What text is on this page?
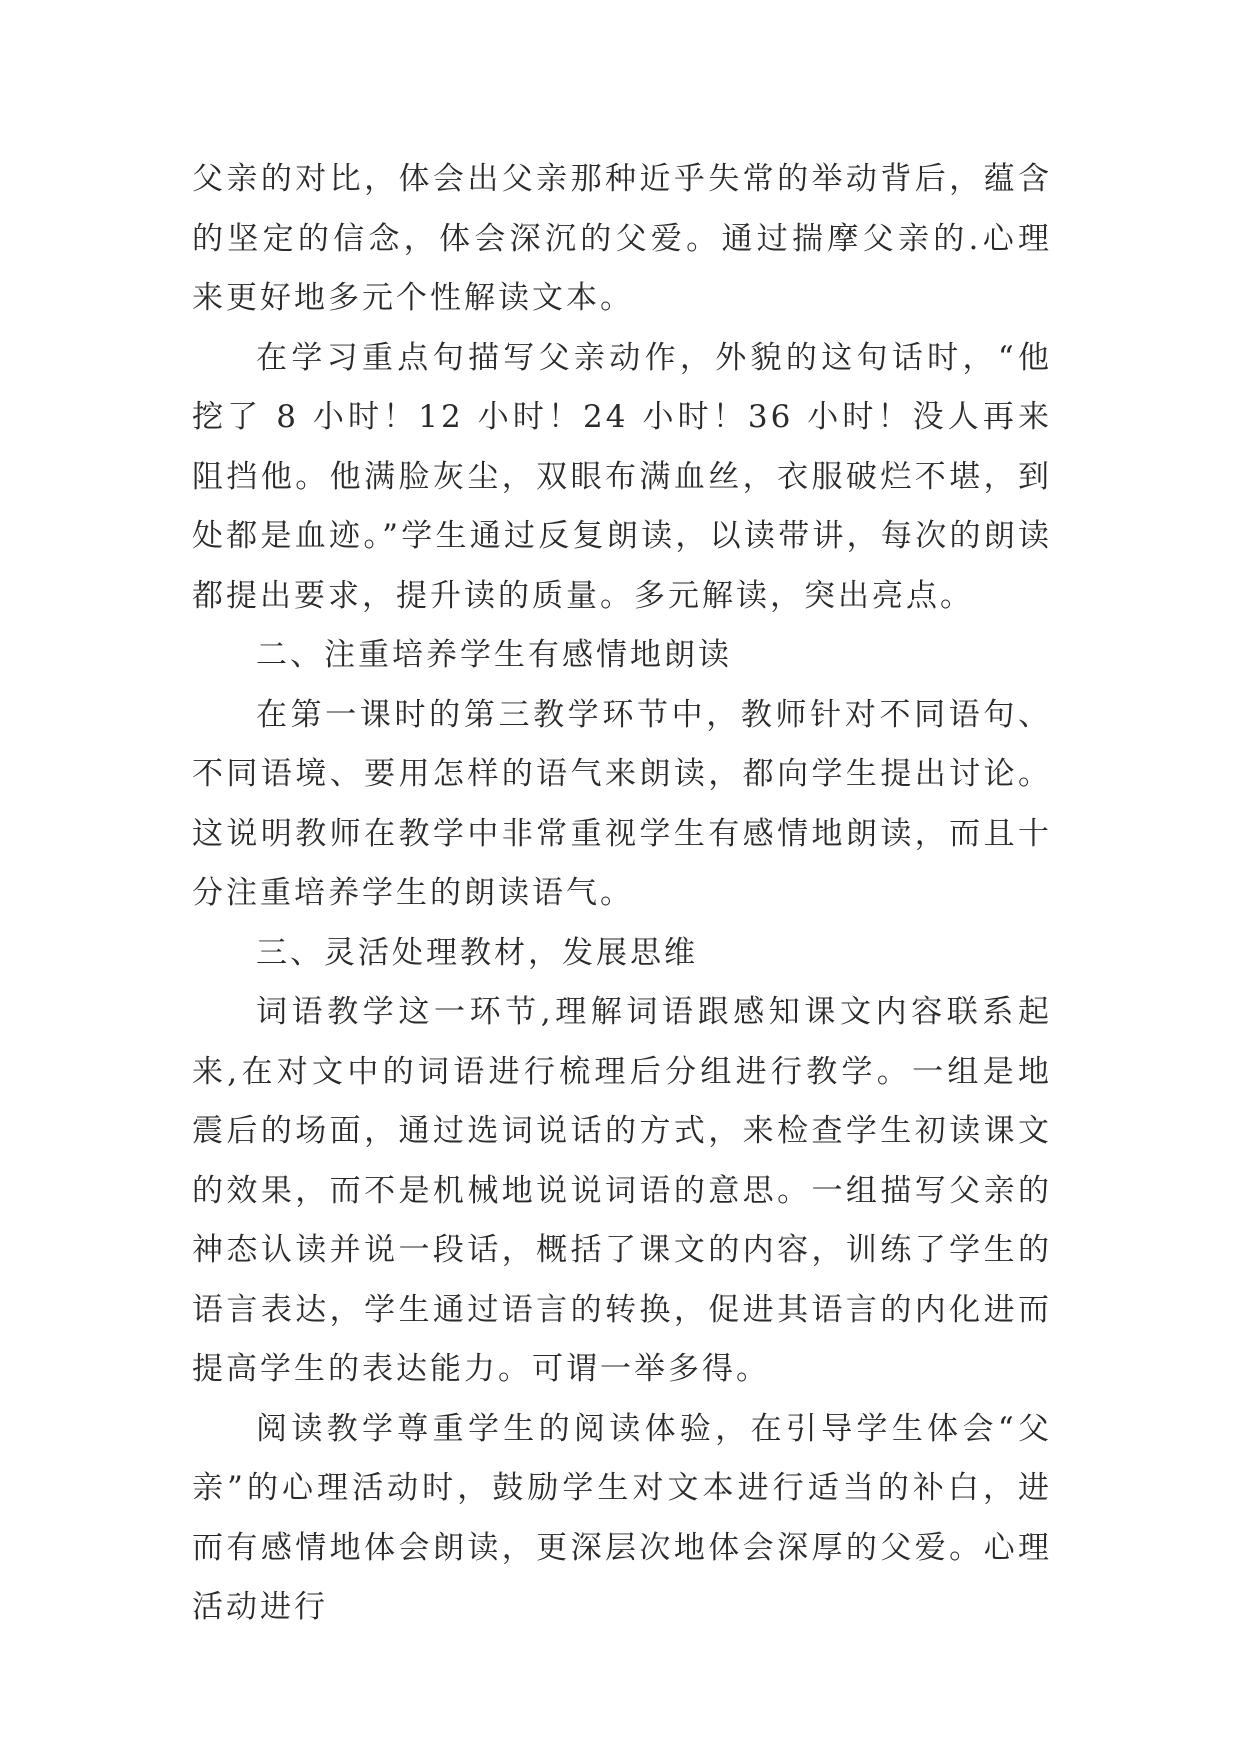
父亲的对比，体会出父亲那种近乎失常的举动背后，蕴含的坚定的信念，体会深沉的父爱。通过揣摩父亲的.心理来更好地多元个性解读文本。

在学习重点句描写父亲动作，外貌的这句话时，“他挖了 8 小时！12 小时！24 小时！36 小时！没人再来阻挡他。他满脸灰尘，双眼布满血丝，衣服破烂不堪，到处都是血迹。”学生通过反复朗读，以读带讲，每次的朗读都提出要求，提升读的质量。多元解读，突出亮点。

二、注重培养学生有感情地朗读

在第一课时的第三教学环节中，教师针对不同语句、不同语境、要用怎样的语气来朗读，都向学生提出讨论。这说明教师在教学中非常重视学生有感情地朗读，而且十分注重培养学生的朗读语气。

三、灵活处理教材，发展思维

词语教学这一环节,理解词语跟感知课文内容联系起来,在对文中的词语进行梳理后分组进行教学。一组是地震后的场面，通过选词说话的方式，来检查学生初读课文的效果，而不是机械地说说词语的意思。一组描写父亲的神态认读并说一段话，概括了课文的内容，训练了学生的语言表达，学生通过语言的转换，促进其语言的内化进而提高学生的表达能力。可谓一举多得。

阅读教学尊重学生的阅读体验，在引导学生体会“父亲”的心理活动时，鼓励学生对文本进行适当的补白，进而有感情地体会朗读，更深层次地体会深厚的父爱。心理活动进行
